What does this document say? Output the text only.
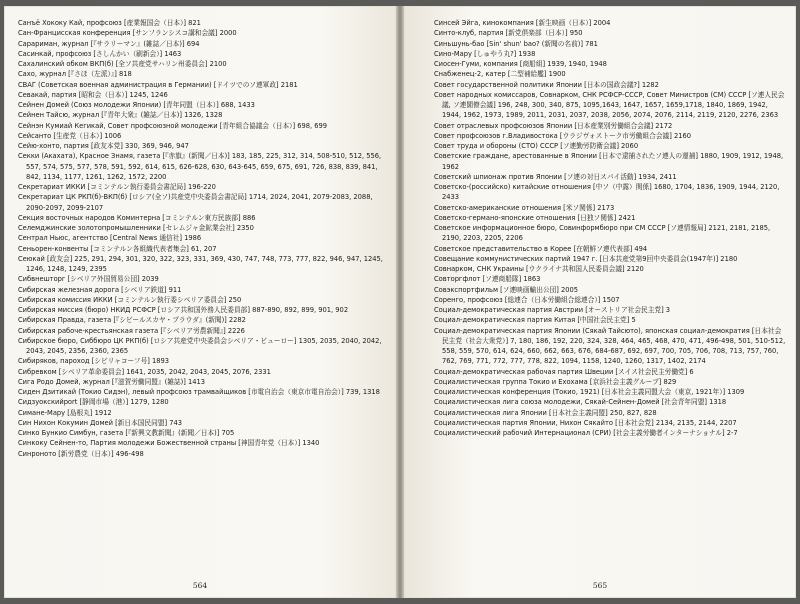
Санъё Хококу Кай, профсоюз [産業報国会（日本）] 821
Сан-Францисская конференция [サンフランシスコ講和会議] 2000
Сарариман, журнал [『サラリーマン』(雑誌／日本)] 694
Сасинкай, профсоюз [さしんかい（刷新会）] 1463
Сахалинский обком ВКП(б) [全ソ共産党サハリン州委員会] 2100
Сахо, журнал [『さほ（左派）』] 818
СВАГ (Советская военная администрация в Германии) [ドイツでのソ連軍政] 2181
Севакай, партия [昭和会（日本）] 1245, 1246
Сейнен Домей (Союз молодежи Японии) [青年同盟（日本）] 688, 1433
Сейнен Тайсю, журнал [『青年大衆』(雑誌／日本)] 1326, 1328
Сейнэн Кумиай Кегикай, Совет профсоюзной молодежи [青年組合協議会（日本）] 698, 699
Сейсанто [生産党（日本）] 1006
Сейю-хонто, партия [政友本党] 330, 369, 946, 947
Секки (Акахата), Красное Знамя, газета [『赤旗』(新聞／日本)] 183, 185, 225, 312, 314, 508-510, 512, 556, 557, 574, 575, 577, 578, 591, 592, 614, 615, 626-628, 630, 643-645, 659, 675, 691, 726, 838, 839, 841, 842, 1134, 1177, 1261, 1262, 1572, 2200
Секретариат ИККИ [コミンテルン執行委員会書記局] 196-220
Секретариат ЦК РКП(б)-ВКП(б) [ロシア(全ソ)共産党中央委員会書記局] 1714, 2024, 2041, 2079-2083, 2088, 2090-2097, 2099-2107
Секция восточных народов Коминтерна [コミンテルン東方民族部] 886
Селемджинские золотопромышленники [セレムジャ金鉱業会社] 2350
Сентрал Ньюс, агентство [Central News 通信社] 1986
Сеньорен-конвенты [コミンテルン各組織代表者集会] 61, 207
Сеюкай [政友会] 225, 291, 294, 301, 320, 322, 323, 331, 369, 430, 747, 748, 773, 777, 822, 946, 947, 1245, 1246, 1248, 1249, 2395
Сибвнешторг [シベリア外国貿易公団] 2039
Сибирская железная дорога [シベリア鉄道] 911
Сибирская комиссия ИККИ [コミンテルン執行委シベリア委員会] 250
Сибирская миссия (бюро) НКИД РСФСР [ロシア共和国外務人民委員部] 887-890, 892, 899, 901, 902
Сибирская Правда, газета [『シビールスカヤ・プラウダ』(新聞)] 2282
Сибирская рабоче-крестьянская газета [『シベリア労農新聞』] 2226
Сибирское бюро, Сиббюро ЦК РКП(б) [ロシア共産党中央委員会シベリア・ビューロー] 1305, 2035, 2040, 2042, 2043, 2045, 2356, 2360, 2365
Сибиряков, пароход [シビリャコーフ号] 1893
Сибревком [シベリア革命委員会] 1641, 2035, 2042, 2043, 2045, 2076, 2331
Сига Родо Домей, журнал [『滋賀労働同盟』(雑誌)] 1413
Сиден Дзитикай (Токио Сидэн), левый профсоюз трамвайщиков [市電自治会（東京市電自治会）] 739, 1318
Сидзуокскийport [静岡市場（港）] 1279, 1280
Симане-Мару [島根丸] 1912
Син Нихон Кокумин Домей [新日本国民同盟] 743
Синко Бункио Симбун, газета [『新興文教新聞』(新聞／日本)] 705
Синкоку Сейнен-то, Партия молодежи Божественной страны [神国青年党（日本）] 1340
Синроното [新労農党（日本）] 496-498
564
Синсей Эйга, кинокомпания [新生映画（日本）] 2004
Синто-клуб, партия [新党倶楽部（日本）] 950
Синьшунь-бао [Sin' shun' bao? (新聞の名前)] 781
Сино-Мару [しゅやう丸?] 1938
Сиосен-Гуми, компания [商船組] 1939, 1940, 1948
Снабженец-2, катер [二型補給艦] 1900
Совет государственной политики Японии [日本の国政会議?] 1282
Совет народных комиссаров, Совнарком, СНК РСФСР-СССР, Совет Министров (СМ) СССР [ソ連人民会議, ソ連閣僚会議] 196, 248, 300, 340, 875, 1095,1643, 1647, 1657, 1659,1718, 1840, 1869, 1942, 1944, 1962, 1973, 1989, 2011, 2031, 2037, 2038, 2056, 2074, 2076, 2114, 2119, 2120, 2276, 2363
Совет отраслевых профсоюзов Японии [日本産業別労働組合会議] 2172
Совет профсоюзов г.Владивостока [ウラジヴォストーク市労働組合会議] 2160
Совет труда и обороны (СТО) СССР [ソ連勤労防衛会議] 2060
Советские граждане, арестованные в Японии [日本で逮捕されたソ連人の運捕] 1880, 1909, 1912, 1948, 1962
Советский шпионаж против Японии [ソ連の対日スパイ活動] 1934, 2411
Советско-(российско) китайские отношения [中ソ（中露）関係] 1680, 1704, 1836, 1909, 1944, 2120, 2433
Советско-американские отношения [米ソ関係] 2173
Советско-германо-японские отношения [日独ソ関係] 2421
Советское информационное бюро, Совинформбюро при СМ СССР [ソ連情報局] 2121, 2181, 2185, 2190, 2203, 2205, 2206
Советское представительство в Корее [在朝鮮ソ連代表部] 494
Совещание коммунистических партий 1947 г. [日本共産党第9回中央委員会(1947年)] 2180
Совнарком, СНК Украины [ウクライナ共和国人民委員会議] 2120
Совторгфлот [ソ連商船隊] 1863
Совэкспортфильм [ソ連映画輸出公団] 2005
Соренго, профсоюз [総連合（日本労働組合総連合）] 1507
Социал-демократическая партия Австрии [オーストリア社会民主党] 3
Социал-демократическая партия Китая [中国社会民主党] 5
Социал-демократическая партия Японии (Сякай Тайсюто), японская социал-демократия [日本社会民主党（社会大衆党）] 7, 180, 186, 192, 220, 324, 328, 464, 465, 468, 470, 471, 496-498, 501, 510-512, 558, 559, 570, 614, 624, 660, 662, 663, 676, 684-687, 692, 697, 700, 705, 706, 708, 713, 757, 760, 762, 769, 771, 772, 777, 778, 822, 1094, 1158, 1240, 1260, 1317, 1402, 2174
Социал-демократическая рабочая партия Швеции [スイス社会民主労働党] 6
Социалистическая группа Токио и Ехохама [京浜社会主義グループ] 829
Социалистическая конференция (Токио, 1921) [日本社会主義同盟大会（東京, 1921年）] 1309
Социалистическая лига союза молодежи, Сякай-Сейнен-Домей [社会青年同盟] 1318
Социалистическая лига Японии [日本社会主義同盟] 250, 827, 828
Социалистическая партия Японии, Нихон Сякайто [日本社会党] 2134, 2135, 2144, 2207
Социалистический рабочий Интернационал (СРИ) [社会主義労働者インターナショナル] 2-7
565
